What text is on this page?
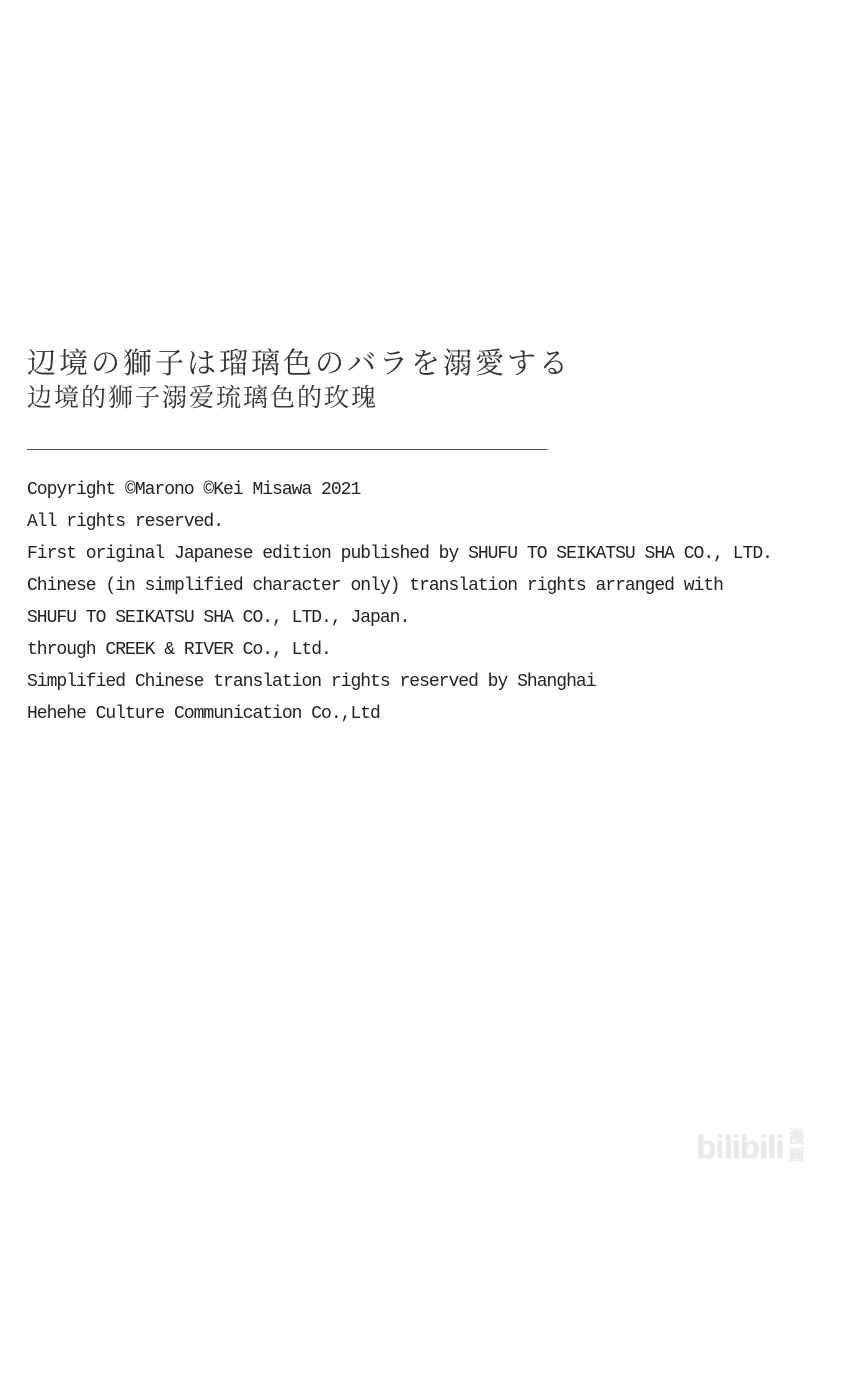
辺境の獅子は瑠璃色のバラを溺愛する
边境的狮子溺爱琉璃色的玫瑰
_____________________________________________________
Copyright ©Marono ©Kei Misawa 2021
All rights reserved.
First original Japanese edition published by SHUFU TO SEIKATSU SHA CO., LTD.
Chinese (in simplified character only) translation rights arranged with
SHUFU TO SEIKATSU SHA CO., LTD., Japan.
through CREEK & RIVER Co., Ltd.
Simplified Chinese translation rights reserved by Shanghai
Hehehe Culture Communication Co.,Ltd
bilibili 漫
画
